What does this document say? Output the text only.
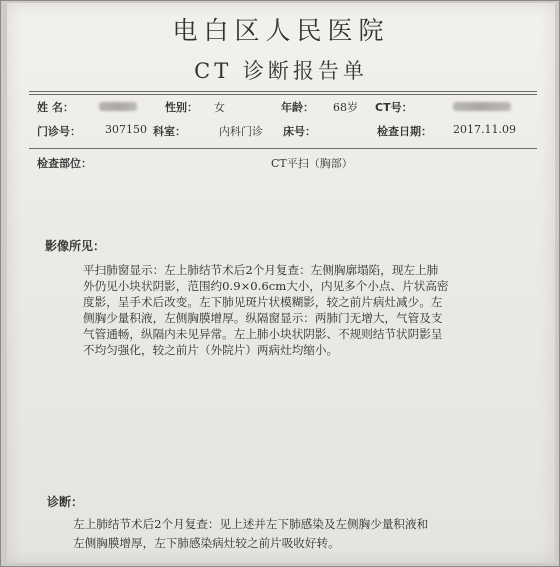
电白区人民医院
CT 诊断报告单
姓 名：	性别： 女	年龄： 68岁 CT号：
门诊号： 307150 科室：	内科门诊 床号：	检查日期： 2017.11.09
检查部位：	CT平扫（胸部）
影像所见：
平扫肺窗显示：左上肺结节术后2个月复查：左侧胸廓塌陷，现左上肺
外仍见小块状阴影，范围约0.9×0.6cm大小，内见多个小点、片状高密
度影，呈手术后改变。左下肺见斑片状模糊影，较之前片病灶减少。左
侧胸少量积液，左侧胸膜增厚。纵隔窗显示：两肺门无增大，气管及支
气管通畅，纵隔内未见异常。左上肺小块状阴影、不规则结节状阴影呈
不均匀强化，较之前片（外院片）两病灶均缩小。
诊断：
左上肺结节术后2个月复查：见上述并左下肺感染及左侧胸少量积液和
左侧胸膜增厚，左下肺感染病灶较之前片吸收好转。
